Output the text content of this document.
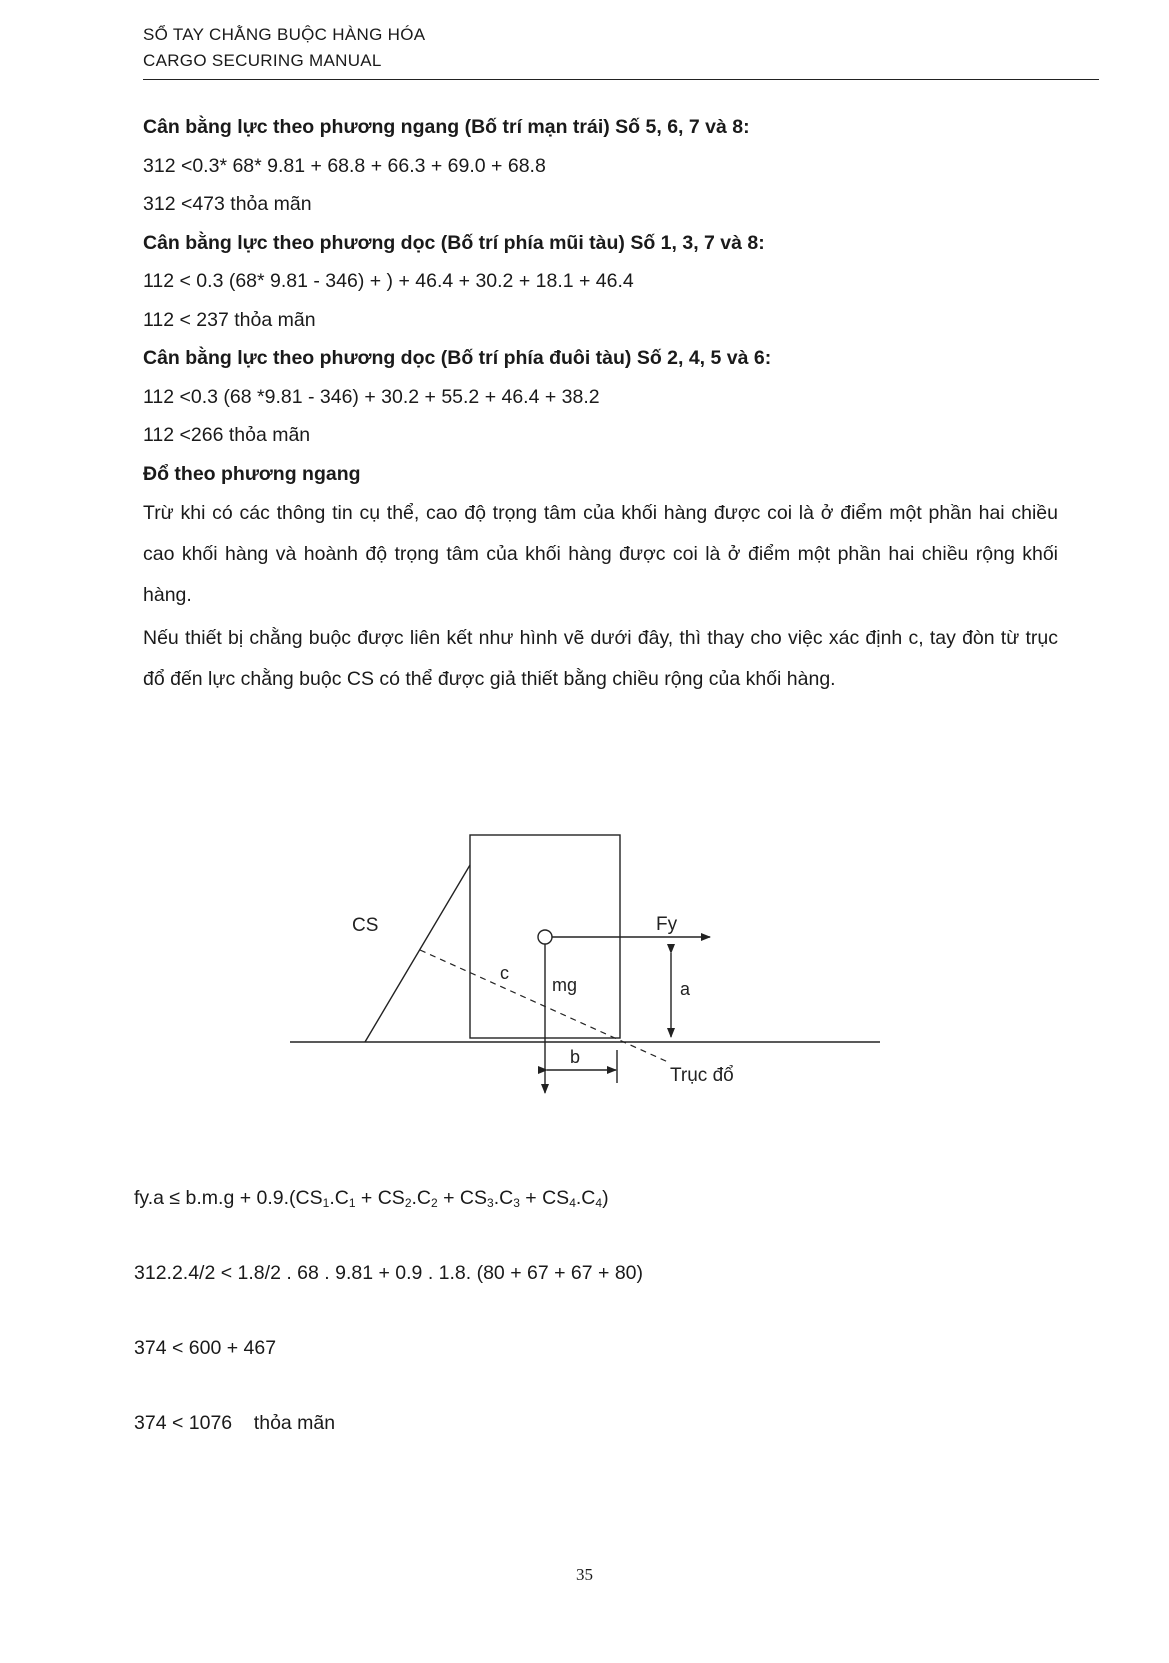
SỔ TAY CHẰNG BUỘC HÀNG HÓA
CARGO SECURING MANUAL
Cân bằng lực theo phương ngang (Bố trí mạn trái) Số 5, 6, 7 và 8:
312 <0.3* 68* 9.81 + 68.8 + 66.3 + 69.0 + 68.8
312 <473 thỏa mãn
Cân bằng lực theo phương dọc (Bố trí phía mũi tàu) Số 1, 3, 7 và 8:
112 < 0.3 (68* 9.81 - 346) + ) + 46.4 + 30.2 + 18.1 + 46.4
112 < 237 thỏa mãn
Cân bằng lực theo phương dọc (Bố trí phía đuôi tàu) Số 2, 4, 5 và 6:
112 <0.3 (68 *9.81 - 346) + 30.2 + 55.2 + 46.4 + 38.2
112 <266 thỏa mãn
Đổ theo phương ngang

Trừ khi có các thông tin cụ thể, cao độ trọng tâm của khối hàng được coi là ở điểm một phần hai chiều cao khối hàng và hoành độ trọng tâm của khối hàng được coi là ở điểm một phần hai chiều rộng khối hàng.

Nếu thiết bị chằng buộc được liên kết như hình vẽ dưới đây, thì thay cho việc xác định c, tay đòn từ trục đổ đến lực chằng buộc CS có thể được giả thiết bằng chiều rộng của khối hàng.

CS	Fy
c
mg	a
b
Trục đổ

$fy.a \le b.m.g + 0.9.(CS_1.C_1 + CS_2.C_2 + CS_3.C_3 + CS_4.C_4)$

312.2.4/2 < 1.8/2 . 68 . 9.81 + 0.9 . 1.8. (80 + 67 + 67 + 80)

374 < 600 + 467

374 < 1076    thỏa mãn

35
